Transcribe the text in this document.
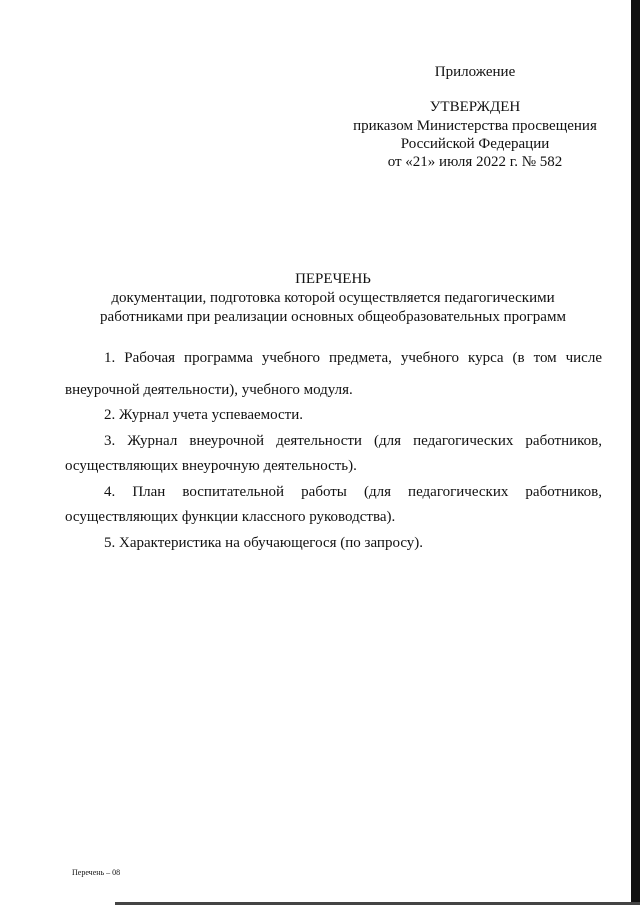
Приложение
УТВЕРЖДЕН
приказом Министерства просвещения
Российской Федерации
от «21» июля 2022 г. № 582
ПЕРЕЧЕНЬ
документации, подготовка которой осуществляется педагогическими
работниками при реализации основных общеобразовательных программ
1. Рабочая программа учебного предмета, учебного курса (в том числе
внеурочной деятельности), учебного модуля.
2. Журнал учета успеваемости.
3. Журнал внеурочной деятельности (для педагогических работников,
осуществляющих внеурочную деятельность).
4. План воспитательной работы (для педагогических работников,
осуществляющих функции классного руководства).
5. Характеристика на обучающегося (по запросу).
Перечень – 08
